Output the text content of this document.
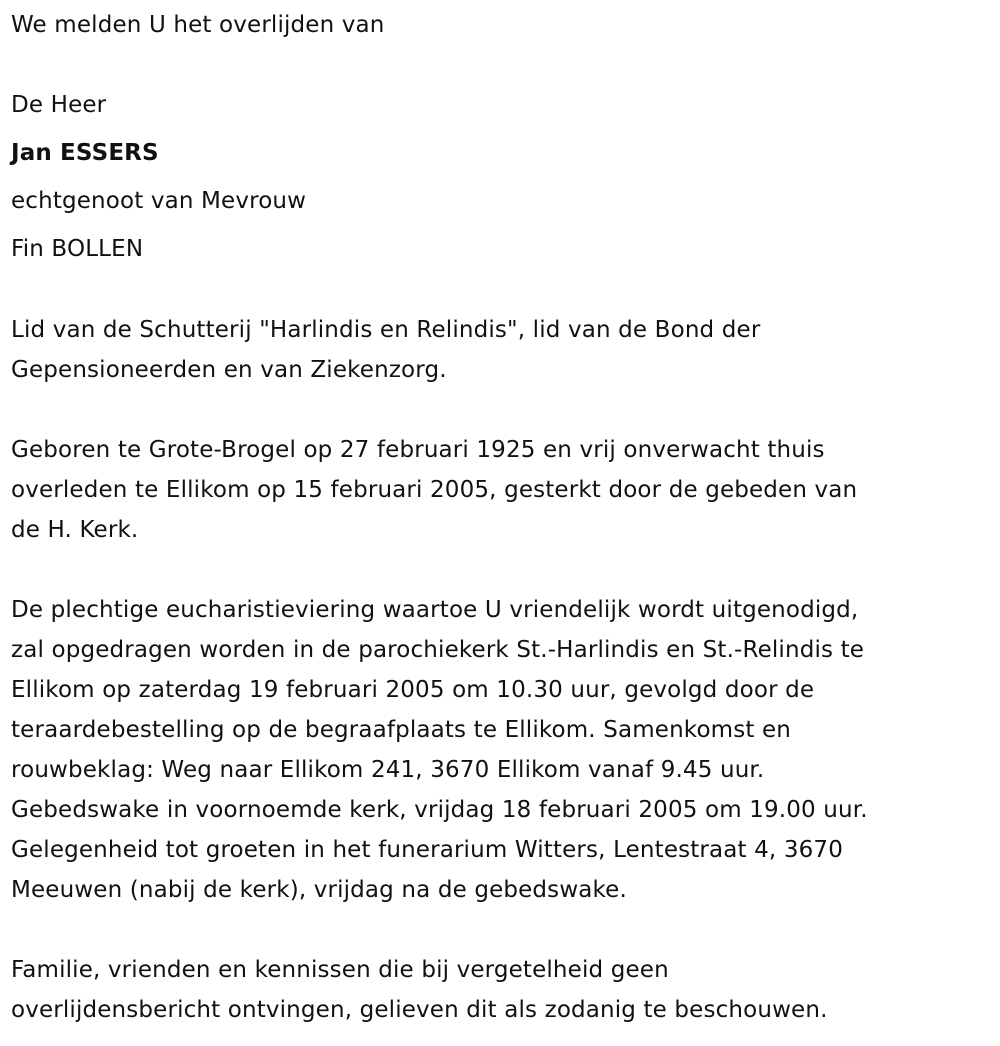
We melden U het overlijden van
De Heer
Jan ESSERS
echtgenoot van Mevrouw
Fin BOLLEN
Lid van de Schutterij "Harlindis en Relindis", lid van de Bond der
Gepensioneerden en van Ziekenzorg.
Geboren te Grote-Brogel op 27 februari 1925 en vrij onverwacht thuis
overleden te Ellikom op 15 februari 2005, gesterkt door de gebeden van
de H. Kerk.
De plechtige eucharistieviering waartoe U vriendelijk wordt uitgenodigd,
zal opgedragen worden in de parochiekerk St.-Harlindis en St.-Relindis te
Ellikom op zaterdag 19 februari 2005 om 10.30 uur, gevolgd door de
teraardebestelling op de begraafplaats te Ellikom. Samenkomst en
rouwbeklag: Weg naar Ellikom 241, 3670 Ellikom vanaf 9.45 uur.
Gebedswake in voornoemde kerk, vrijdag 18 februari 2005 om 19.00 uur.
Gelegenheid tot groeten in het funerarium Witters, Lentestraat 4, 3670
Meeuwen (nabij de kerk), vrijdag na de gebedswake.
Familie, vrienden en kennissen die bij vergetelheid geen
overlijdensbericht ontvingen, gelieven dit als zodanig te beschouwen.
